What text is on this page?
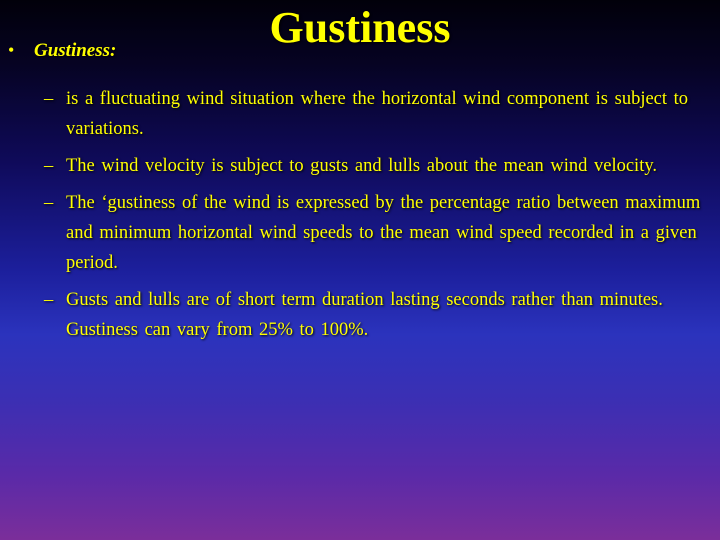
Gustiness
•	Gustiness:
– is a fluctuating wind situation where the horizontal wind component is subject to variations.
– The wind velocity is subject to gusts and lulls about the mean wind velocity.
– The ‘gustiness of the wind is expressed by the percentage ratio between maximum and minimum horizontal wind speeds to the mean wind speed recorded in a given period.
– Gusts and lulls are of short term duration lasting seconds rather than minutes. Gustiness can vary from 25% to 100%.
